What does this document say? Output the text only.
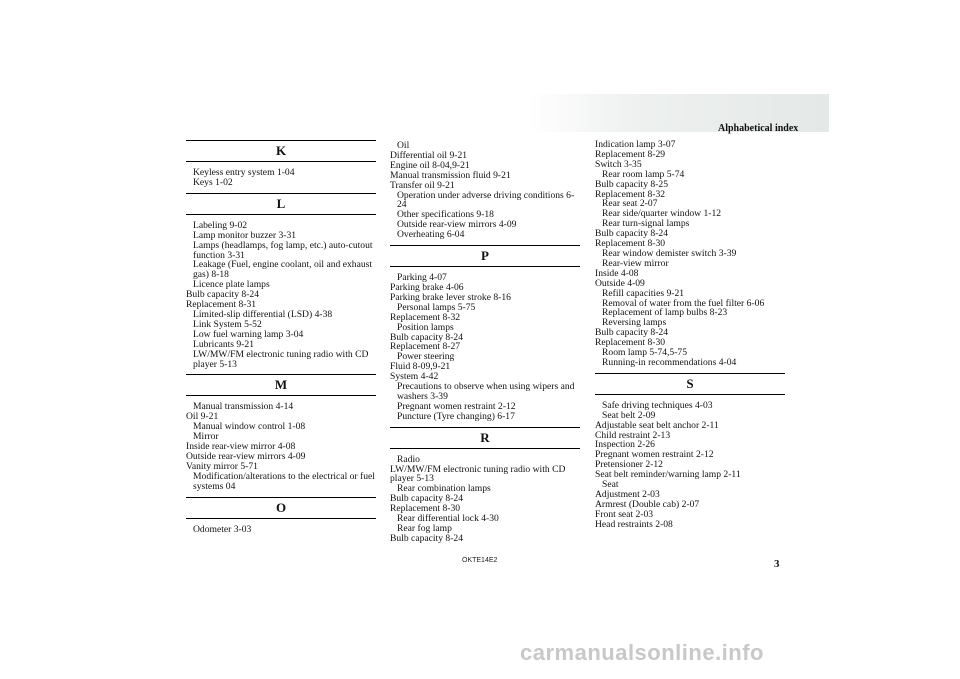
Alphabetical index
K
Keyless entry system 1-04
Keys 1-02
L
Labeling 9-02
Lamp monitor buzzer 3-31
Lamps (headlamps, fog lamp, etc.) auto-cutout function 3-31
Leakage (Fuel, engine coolant, oil and exhaust gas) 8-18
Licence plate lamps
Bulb capacity 8-24
Replacement 8-31
Limited-slip differential (LSD) 4-38
Link System 5-52
Low fuel warning lamp 3-04
Lubricants 9-21
LW/MW/FM electronic tuning radio with CD player 5-13
M
Manual transmission 4-14
Oil 9-21
Manual window control 1-08
Mirror
Inside rear-view mirror 4-08
Outside rear-view mirrors 4-09
Vanity mirror 5-71
Modification/alterations to the electrical or fuel systems 04
O
Odometer 3-03
Oil
Differential oil 9-21
Engine oil 8-04,9-21
Manual transmission fluid 9-21
Transfer oil 9-21
Operation under adverse driving conditions 6-24
Other specifications 9-18
Outside rear-view mirrors 4-09
Overheating 6-04
P
Parking 4-07
Parking brake 4-06
Parking brake lever stroke 8-16
Personal lamps 5-75
Replacement 8-32
Position lamps
Bulb capacity 8-24
Replacement 8-27
Power steering
Fluid 8-09,9-21
System 4-42
Precautions to observe when using wipers and washers 3-39
Pregnant women restraint 2-12
Puncture (Tyre changing) 6-17
R
Radio
LW/MW/FM electronic tuning radio with CD player 5-13
Rear combination lamps
Bulb capacity 8-24
Replacement 8-30
Rear differential lock 4-30
Rear fog lamp
Bulb capacity 8-24
Indication lamp 3-07
Replacement 8-29
Switch 3-35
Rear room lamp 5-74
Bulb capacity 8-25
Replacement 8-32
Rear seat 2-07
Rear side/quarter window 1-12
Rear turn-signal lamps
Bulb capacity 8-24
Replacement 8-30
Rear window demister switch 3-39
Rear-view mirror
Inside 4-08
Outside 4-09
Refill capacities 9-21
Removal of water from the fuel filter 6-06
Replacement of lamp bulbs 8-23
Reversing lamps
Bulb capacity 8-24
Replacement 8-30
Room lamp 5-74,5-75
Running-in recommendations 4-04
S
Safe driving techniques 4-03
Seat belt 2-09
Adjustable seat belt anchor 2-11
Child restraint 2-13
Inspection 2-26
Pregnant women restraint 2-12
Pretensioner 2-12
Seat belt reminder/warning lamp 2-11
Seat
Adjustment 2-03
Armrest (Double cab) 2-07
Front seat 2-03
Head restraints 2-08
OKTE14E2	3
carmanualsonline.info
